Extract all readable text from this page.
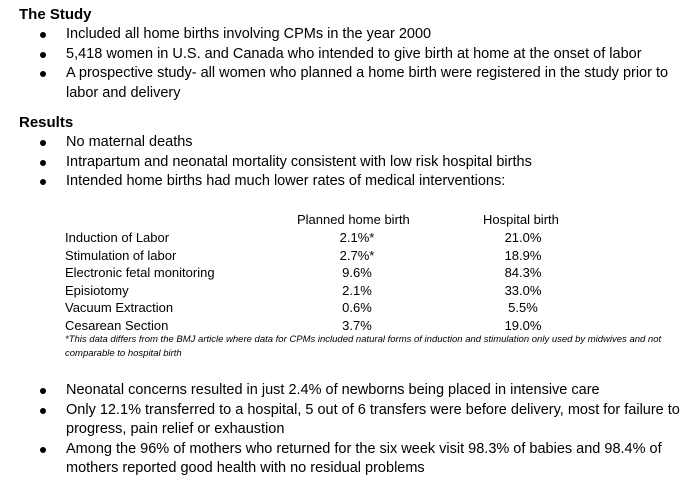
The Study
Included all home births involving CPMs in the year 2000
5,418 women in U.S. and Canada who intended to give birth at home at the onset of labor
A prospective study- all women who planned a home birth were registered in the study prior to labor and delivery
Results
No maternal deaths
Intrapartum and neonatal mortality consistent with low risk hospital births
Intended home births had much lower rates of medical interventions:
Planned home birth	Hospital birth
Induction of Labor	2.1%*	21.0%
Stimulation of labor	2.7%*	18.9%
Electronic fetal monitoring	9.6%	84.3%
Episiotomy	2.1%	33.0%
Vacuum Extraction	0.6%	5.5%
Cesarean Section	3.7%	19.0%
*This data differs from the BMJ article where data for CPMs included natural forms of induction and stimulation only used by midwives and not comparable to hospital birth
Neonatal concerns resulted in just 2.4% of newborns being placed in intensive care
Only 12.1% transferred to a hospital, 5 out of 6 transfers were before delivery, most for failure to progress, pain relief or exhaustion
Among the 96% of mothers who returned for the six week visit 98.3% of babies and 98.4% of mothers reported good health with no residual problems
